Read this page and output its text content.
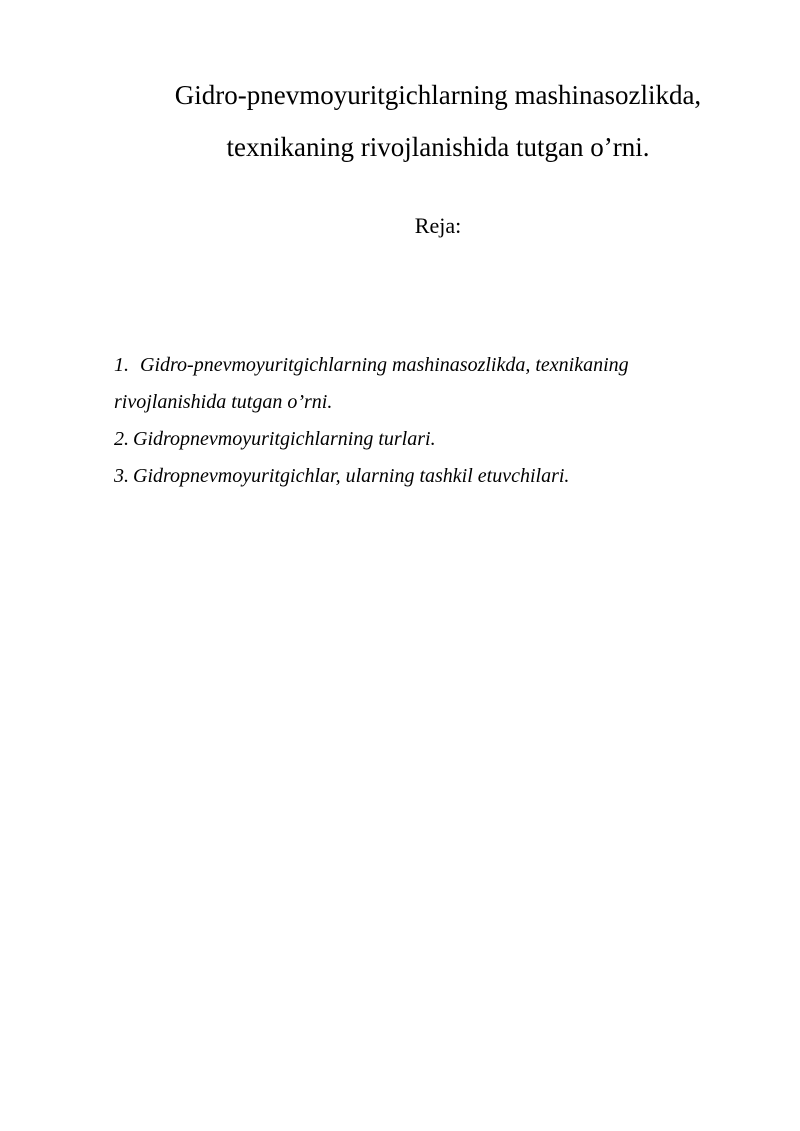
Gidro-pnevmoyuritgichlarning mashinasozlikda,
texnikaning rivojlanishida tutgan o’rni.

Reja:

1. Gidro-pnevmoyuritgichlarning mashinasozlikda, texnikaning
rivojlanishida tutgan o’rni.
2. Gidropnevmoyuritgichlarning turlari.
3. Gidropnevmoyuritgichlar, ularning tashkil etuvchilari.
